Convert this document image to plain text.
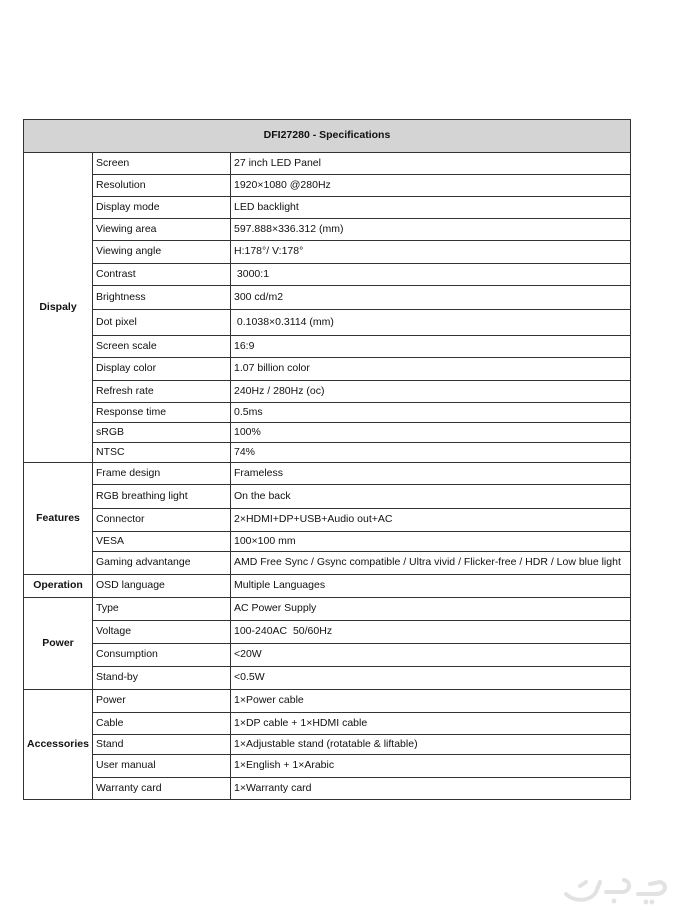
DFI27280 - Specifications		
Dispaly	Screen	27 inch LED Panel
	Resolution	1920×1080 @280Hz
	Display mode	LED backlight
	Viewing area	597.888×336.312 (mm)
	Viewing angle	H:178°/ V:178°
	Contrast	3000:1
	Brightness	300 cd/m2
	Dot pixel	0.1038×0.3114 (mm)
	Screen scale	16:9
	Display color	1.07 billion color
	Refresh rate	240Hz / 280Hz (oc)
	Response time	0.5ms
	sRGB	100%
	NTSC	74%
Features	Frame design	Frameless
	RGB breathing light	On the back
	Connector	2×HDMI+DP+USB+Audio out+AC
	VESA	100×100 mm
	Gaming advantange	AMD Free Sync / Gsync compatible / Ultra vivid / Flicker-free / HDR / Low blue light
Operation	OSD language	Multiple Languages
Power	Type	AC Power Supply
	Voltage	100-240AC  50/60Hz
	Consumption	<20W
	Stand-by	<0.5W
Accessories	Power	1×Power cable
	Cable	1×DP cable + 1×HDMI cable
	Stand	1×Adjustable stand (rotatable & liftable)
	User manual	1×English + 1×Arabic
	Warranty card	1×Warranty card
